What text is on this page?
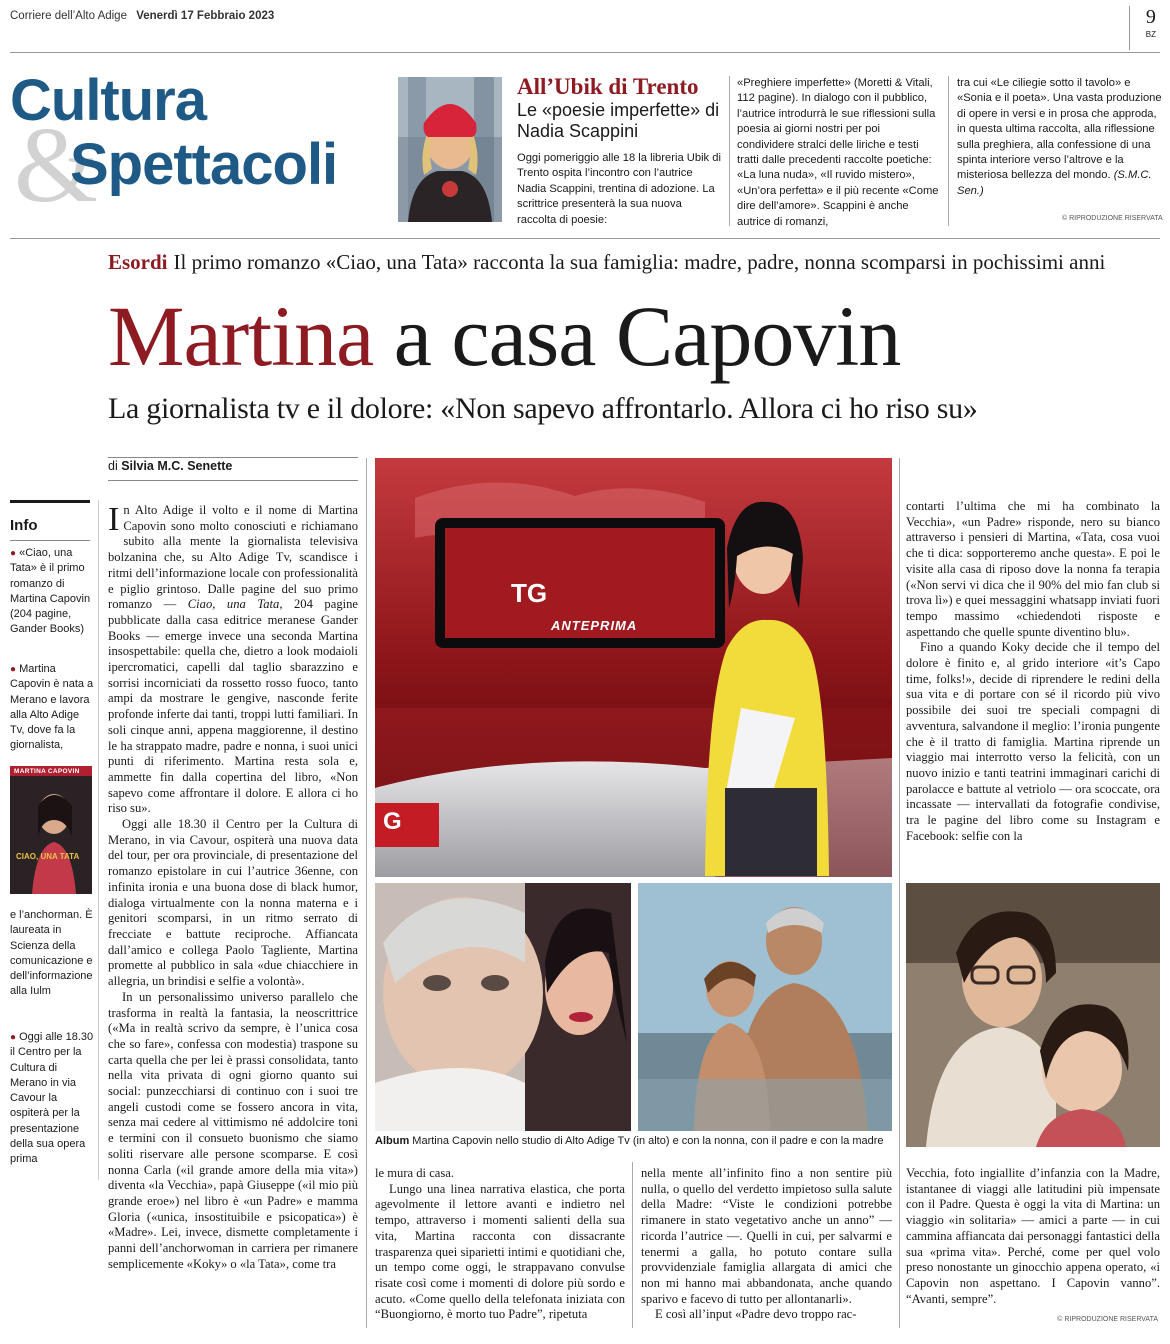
Corriere dell’Alto Adige Venerdì 17 Febbraio 2023	9
BZ
&
Cultura
Spettacoli
All’Ubik di Trento
Le «poesie imperfette» di Nadia Scappini
Oggi pomeriggio alle 18 la libreria Ubik di Trento ospita l’incontro con l’autrice Nadia Scappini, trentina di adozione. La scrittrice presenterà la sua nuova raccolta di poesie:
«Preghiere imperfette» (Moretti & Vitali, 112 pagine). In dialogo con il pubblico, l’autrice introdurrà le sue riflessioni sulla poesia ai giorni nostri per poi condividere stralci delle liriche e testi tratti dalle precedenti raccolte poetiche: «La luna nuda», «Il ruvido mistero», «Un’ora perfetta» e il più recente «Come dire dell’amore». Scappini è anche autrice di romanzi,
tra cui «Le ciliegie sotto il tavolo» e «Sonia e il poeta». Una vasta produzione di opere in versi e in prosa che approda, in questa ultima raccolta, alla riflessione sulla preghiera, alla confessione di una spinta interiore verso l’altrove e la misteriosa bellezza del mondo. (S.M.C. Sen.)
© RIPRODUZIONE RISERVATA
Esordi Il primo romanzo «Ciao, una Tata» racconta la sua famiglia: madre, padre, nonna scomparsi in pochissimi anni
Martina a casa Capovin
La giornalista tv e il dolore: «Non sapevo affrontarlo. Allora ci ho riso su»
di Silvia M.C. Senette
Info
● «Ciao, una Tata» è il primo romanzo di Martina Capovin (204 pagine, Gander Books)
● Martina Capovin è nata a Merano e lavora alla Alto Adige Tv, dove fa la giornalista,
MARTINA CAPOVIN
CIAO, UNA TATA
e l’anchorman. È laureata in Scienza della comunicazione e dell’informazione alla Iulm
● Oggi alle 18.30 il Centro per la Cultura di Merano in via Cavour la ospiterà per la presentazione della sua opera prima

In Alto Adige il volto e il nome di Martina Capovin sono molto conosciuti e richiamano subito alla mente la giornalista televisiva bolzanina che, su Alto Adige Tv, scandisce i ritmi dell’informazione locale con professionalità e piglio grintoso. Dalle pagine del suo primo romanzo — Ciao, una Tata, 204 pagine pubblicate dalla casa editrice meranese Gander Books — emerge invece una seconda Martina insospettabile: quella che, dietro a look modaioli ipercromatici, capelli dal taglio sbarazzino e sorrisi incorniciati da rossetto rosso fuoco, tanto ampi da mostrare le gengive, nasconde ferite profonde inferte dai tanti, troppi lutti familiari. In soli cinque anni, appena maggiorenne, il destino le ha strappato madre, padre e nonna, i suoi unici punti di riferimento. Martina resta sola e, ammette fin dalla copertina del libro, «Non sapevo come affrontare il dolore. E allora ci ho riso su».

Oggi alle 18.30 il Centro per la Cultura di Merano, in via Cavour, ospiterà una nuova data del tour, per ora provinciale, di presentazione del romanzo epistolare in cui l’autrice 36enne, con infinita ironia e una buona dose di black humor, dialoga virtualmente con la nonna materna e i genitori scomparsi, in un ritmo serrato di frecciate e battute reciproche. Affiancata dall’amico e collega Paolo Tagliente, Martina promette al pubblico in sala «due chiacchiere in allegria, un brindisi e selfie a volontà».

In un personalissimo universo parallelo che trasforma in realtà la fantasia, la neoscrittrice («Ma in realtà scrivo da sempre, è l’unica cosa che so fare», confessa con modestia) traspone su carta quella che per lei è prassi consolidata, tanto nella vita privata di ogni giorno quanto sui social: punzecchiarsi di continuo con i suoi tre angeli custodi come se fossero ancora in vita, senza mai cedere al vittimismo né addolcire toni e termini con il consueto buonismo che siamo soliti riservare alle persone scomparse. E così nonna Carla («il grande amore della mia vita») diventa «la Vecchia», papà Giuseppe («il mio più grande eroe») nel libro è «un Padre» e mamma Gloria («unica, insostituibile e psicopatica») è «Madre». Lei, invece, dismette completamente i panni dell’anchorwoman in carriera per rimanere semplicemente «Koky» o «la Tata», come tra

TG
ANTEPRIMA
G
Album Martina Capovin nello studio di Alto Adige Tv (in alto) e con la nonna, con il padre e con la madre

le mura di casa.

Lungo una linea narrativa elastica, che porta agevolmente il lettore avanti e indietro nel tempo, attraverso i momenti salienti della sua vita, Martina racconta con dissacrante trasparenza quei siparietti intimi e quotidiani che, un tempo come oggi, le strappavano convulse risate così come i momenti di dolore più sordo e acuto. «Come quello della telefonata iniziata con “Buongiorno, è morto tuo Padre”, ripetuta

nella mente all’infinito fino a non sentire più nulla, o quello del verdetto impietoso sulla salute della Madre: “Viste le condizioni potrebbe rimanere in stato vegetativo anche un anno” — ricorda l’autrice —. Quelli in cui, per salvarmi e tenermi a galla, ho potuto contare sulla provvidenziale famiglia allargata di amici che non mi hanno mai abbandonata, anche quando sparivo e facevo di tutto per allontanarli».

E così all’input «Padre devo troppo rac-

contarti l’ultima che mi ha combinato la Vecchia», «un Padre» risponde, nero su bianco attraverso i pensieri di Martina, «Tata, cosa vuoi che ti dica: sopporteremo anche questa». E poi le visite alla casa di riposo dove la nonna fa terapia («Non servi vi dica che il 90% del mio fan club si trova lì») e quei messaggini whatsapp inviati fuori tempo massimo «chiedendoti risposte e aspettando che quelle spunte diventino blu».

Fino a quando Koky decide che il tempo del dolore è finito e, al grido interiore «it’s Capo time, folks!», decide di riprendere le redini della sua vita e di portare con sé il ricordo più vivo possibile dei suoi tre speciali compagni di avventura, salvandone il meglio: l’ironia pungente che è il tratto di famiglia. Martina riprende un viaggio mai interrotto verso la felicità, con un nuovo inizio e tanti teatrini immaginari carichi di parolacce e battute al vetriolo — ora scoccate, ora incassate — intervallati da fotografie condivise, tra le pagine del libro come su Instagram e Facebook: selfie con la

Vecchia, foto ingiallite d’infanzia con la Madre, istantanee di viaggi alle latitudini più impensate con il Padre. Questa è oggi la vita di Martina: un viaggio «in solitaria» — amici a parte — in cui cammina affiancata dai personaggi fantastici della sua «prima vita». Perché, come per quel volo preso nonostante un ginocchio appena operato, «i Capovin non aspettano. I Capovin vanno”. “Avanti, sempre”.

© RIPRODUZIONE RISERVATA
